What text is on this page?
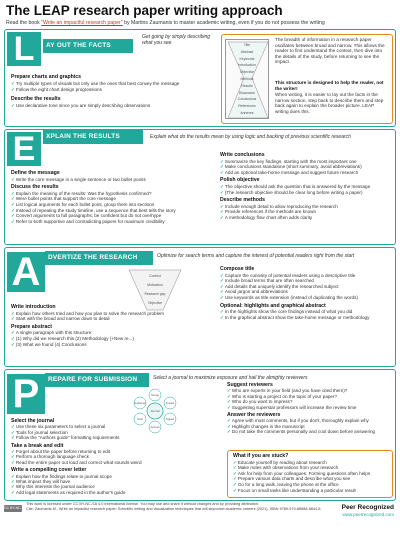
The LEAP research paper writing approach
Read the book "Write an impactful research paper" by Martins Zaumanis to master academic writing, even if you do not possess the writing
L	AY OUT THE FACTS
Get going by simply describing what you see
Prepare charts and graphics
✓Try multiple types of visuals but only use the ones that best convey the message
✓Follow the eight chart design progressions
Describe the results
✓Use declarative tone since you are simply describing observations
Title
Abstract
Keywords
Introduction
Objective
Methods
Results
Discussion
Conclusions
References
Annexes
The breadth of information in a research paper oscillates between broad and narrow. This allows the reader to first understand the context, then dive into the details of the study, before returning to see the impact.
This structure is designed to help the reader, not the writer!
When writing, it is easier to lay out the facts in the narrow section, step back to describe them and step back again to explain the broader picture. LEAP writing does this.
E	XPLAIN THE RESULTS	Explain what do the results mean by using logic and backing of previous scientific research
Define the message
✓Write the core message in a single sentence or two bullet points
Discuss the results
✓Explain the meaning of the results: Was the hypothesis confirmed?
✓Were bullet points that support the core message
✓List logical arguments for each bullet point, group them into sections
✓Instead of repeating the study timeline, use a sequence that best tells the story
✓Convert arguments to full paragraphs; be confident but do not overhype
✓Refer to both supportive and contradicting papers for maximum credibility
Write conclusions
✓Summarize the key findings, starting with the most important one
✓Make conclusions standalone (short summary, avoid abbreviations)
✓Add an optional take-home message and suggest future research
Polish objective
✓The objective should ask the question that is answered by the message
✓(The research objective should be clear long before writing a paper)
Describe methods
✓Include enough detail to allow reproducing the research
✓Provide references if the methods are known
✓A methodology flow chart often adds clarity
A	DVERTIZE THE RESEARCH	Optimize for search terms and capture the interest of potential readers right from the start
Context
Motivation
Research gap
Objective
Write introduction
✓Explain how others tried and how you plan to solve the research problem
✓Start with the broad and narrow down to detail
Prepare abstract
✓A single paragraph with this structure:
✓(1) Why did we research this (2) Methodology (+New re...)
✓(3) What we found (4) Conclusions
Compose title
✓Capture the curiosity of potential readers using a descriptive title
✓Include broad terms that are often searched
✓Add details that uniquely identify the researched subject
✓Avoid jargon and abbreviations
✓Use keywords as title extension (instead of duplicating the words)
Optional: highlights and graphical abstract
✓In the highlights show the core findings instead of what you did
✓In the graphical abstract show the take-home message or methodology
P	REPARE FOR SUBMISSION	Select a journal to maximize exposure and hail the almighty reviewers
Journal
Scope
Impact
Speed
Access
Cost
Audience
Select the journal
✓Use these six parameters to select a journal
✓Tools for journal selection
✓Follow the "Authors guide" formatting requirements
Take a break and edit
✓Forget about the paper before returning to edit
✓Perform a thorough language check
✓Read the entire paper out loud and correct what sounds weird
Write a compelling cover letter
✓Explain how the findings relate to journal scope
✓What impact they will have
✓Why this interests the journal audience
✓Add legal statements as required in the author's guide
Suggest reviewers
✓Who are experts in your field (and you have cited them)?
✓Who is starting a project on the topic of your paper?
✓Who do you want to impress?
✓Suggesting superstar professors will increase the review time
Answer the reviewers
✓Agree with most comments, but if you don't, thoroughly explain why
✓Highlight changes in the manuscript
✓Do not take the comments personally and cool down before answering
What if you are stuck?
✓Educate yourself by reading about research
✓Make notes with observations from your research
✓Ask for help from your colleagues. Forming questions often helps
✓Prepare various data charts and describe what you see
✓Go for a long walk, leaving the phone at the office
✓Focus on small tasks like understanding a particular result
CC BY-NC-SA
This work is licensed under CC BY-NC-SA 4.0 International license. You may use and share it without changes and by providing attribution.
Cite: Zaumanis M., Write an impactful research paper: Scientific writing and visualization techniques that will skyrocket academic careers (2021), ISBN 9789-979-88888-8844-8	Peer Recognized
www.peerrecognized.com
